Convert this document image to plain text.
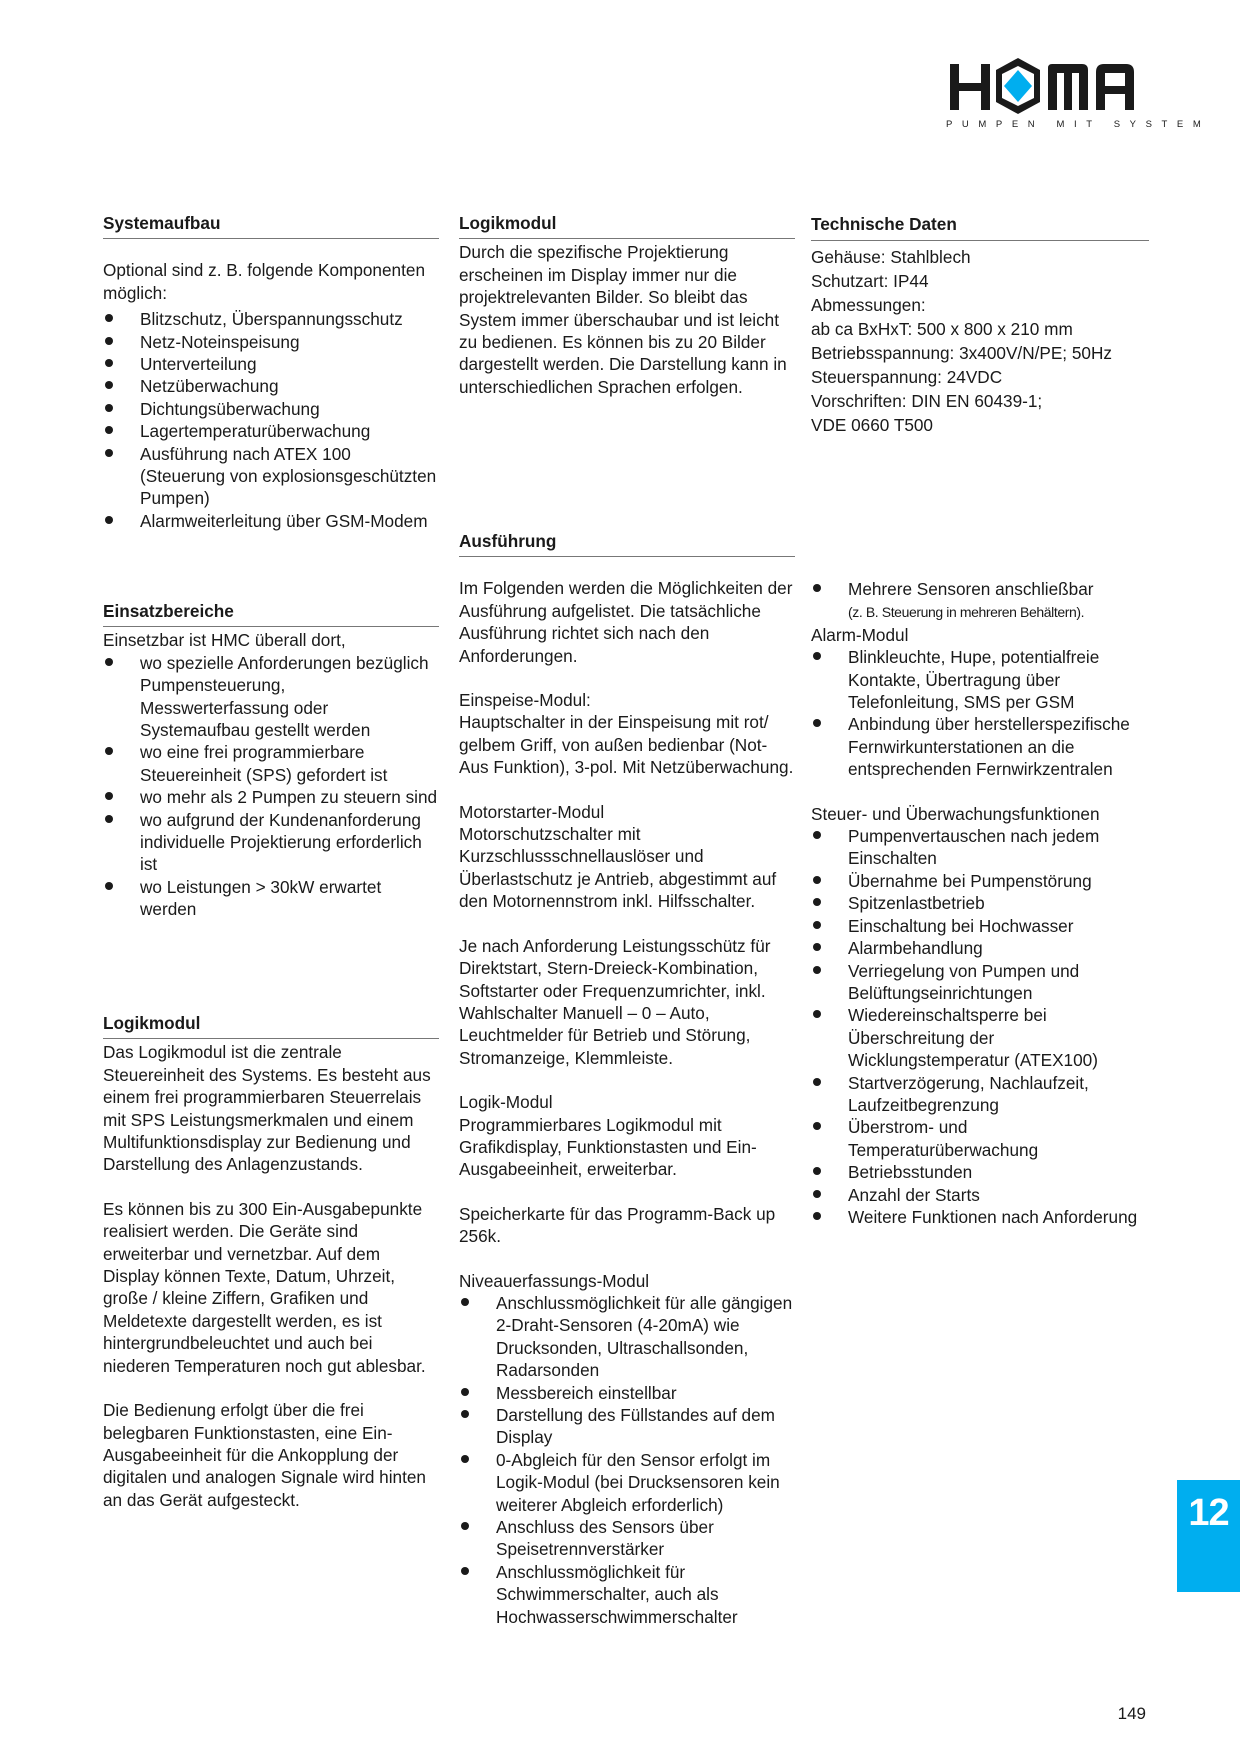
PUMPEN MIT SYSTEM
Systemaufbau

Optional sind z. B. folgende Komponenten möglich:

Blitzschutz, Überspannungsschutz
Netz-Noteinspeisung
Unterverteilung
Netzüberwachung
Dichtungsüberwachung
Lagertemperaturüberwachung
Ausführung nach ATEX 100 (Steuerung von explosionsgeschützten Pumpen)
Alarmweiterleitung über GSM-Modem
Einsatzbereiche

Einsetzbar ist HMC überall dort,

wo spezielle Anforderungen bezüglich Pumpensteuerung, Messwerterfassung oder Systemaufbau gestellt werden
wo eine frei programmierbare Steuereinheit (SPS) gefordert ist
wo mehr als 2 Pumpen zu steuern sind
wo aufgrund der Kundenanforderung individuelle Projektierung erforderlich ist
wo Leistungen > 30kW erwartet werden
Logikmodul

Das Logikmodul ist die zentrale Steuereinheit des Systems. Es besteht aus einem frei programmierbaren Steuerrelais mit SPS Leistungsmerkmalen und einem Multifunktionsdisplay zur Bedienung und Darstellung des Anlagenzustands.

Es können bis zu 300 Ein-Ausgabepunkte realisiert werden. Die Geräte sind erweiterbar und vernetzbar. Auf dem Display können Texte, Datum, Uhrzeit, große / kleine Ziffern, Grafiken und Meldetexte dargestellt werden, es ist hintergrundbeleuchtet und auch bei niederen Temperaturen noch gut ablesbar.

Die Bedienung erfolgt über die frei belegbaren Funktionstasten, eine Ein-Ausgabeeinheit für die Ankopplung der digitalen und analogen Signale wird hinten an das Gerät aufgesteckt.

Logikmodul

Durch die spezifische Projektierung erscheinen im Display immer nur die projektrelevanten Bilder. So bleibt das System immer überschaubar und ist leicht zu bedienen. Es können bis zu 20 Bilder dargestellt werden. Die Darstellung kann in unterschiedlichen Sprachen erfolgen.

Ausführung

Im Folgenden werden die Möglichkeiten der Ausführung aufgelistet. Die tatsächliche Ausführung richtet sich nach den Anforderungen.

Einspeise-Modul:

Hauptschalter in der Einspeisung mit rot/ gelbem Griff, von außen bedienbar (Not-Aus Funktion), 3-pol. Mit Netzüberwachung.

Motorstarter-Modul

Motorschutzschalter mit Kurzschlussschnellauslöser und Überlastschutz je Antrieb, abgestimmt auf den Motornennstrom inkl. Hilfsschalter.

Je nach Anforderung Leistungsschütz für Direktstart, Stern-Dreieck-Kombination, Softstarter oder Frequenzumrichter, inkl. Wahlschalter Manuell – 0 – Auto, Leuchtmelder für Betrieb und Störung, Stromanzeige, Klemmleiste.

Logik-Modul

Programmierbares Logikmodul mit Grafikdisplay, Funktionstasten und Ein-Ausgabeeinheit, erweiterbar.

Speicherkarte für das Programm-Back up 256k.

Niveauerfassungs-Modul

Anschlussmöglichkeit für alle gängigen 2-Draht-Sensoren (4-20mA) wie Drucksonden, Ultraschallsonden, Radarsonden
Messbereich einstellbar
Darstellung des Füllstandes auf dem Display
0-Abgleich für den Sensor erfolgt im Logik-Modul (bei Drucksensoren kein weiterer Abgleich erforderlich)
Anschluss des Sensors über Speisetrennverstärker
Anschlussmöglichkeit für Schwimmerschalter, auch als Hochwasserschwimmerschalter
Technische Daten
Gehäuse: Stahlblech
Schutzart: IP44
Abmessungen:
ab ca BxHxT: 500 x 800 x 210 mm
Betriebsspannung: 3x400V/N/PE; 50Hz
Steuerspannung: 24VDC
Vorschriften: DIN EN 60439-1;
VDE 0660 T500
Mehrere Sensoren anschließbar
(z. B. Steuerung in mehreren Behältern).

Alarm-Modul

Blinkleuchte, Hupe, potentialfreie Kontakte, Übertragung über Telefonleitung, SMS per GSM
Anbindung über herstellerspezifische Fernwirkunterstationen an die entsprechenden Fernwirkzentralen

Steuer- und Überwachungsfunktionen

Pumpenvertauschen nach jedem Einschalten
Übernahme bei Pumpenstörung
Spitzenlastbetrieb
Einschaltung bei Hochwasser
Alarmbehandlung
Verriegelung von Pumpen und Belüftungseinrichtungen
Wiedereinschaltsperre bei Überschreitung der Wicklungstemperatur (ATEX100)
Startverzögerung, Nachlaufzeit, Laufzeitbegrenzung
Überstrom- und Temperaturüberwachung
Betriebsstunden
Anzahl der Starts
Weitere Funktionen nach Anforderung
12
149
